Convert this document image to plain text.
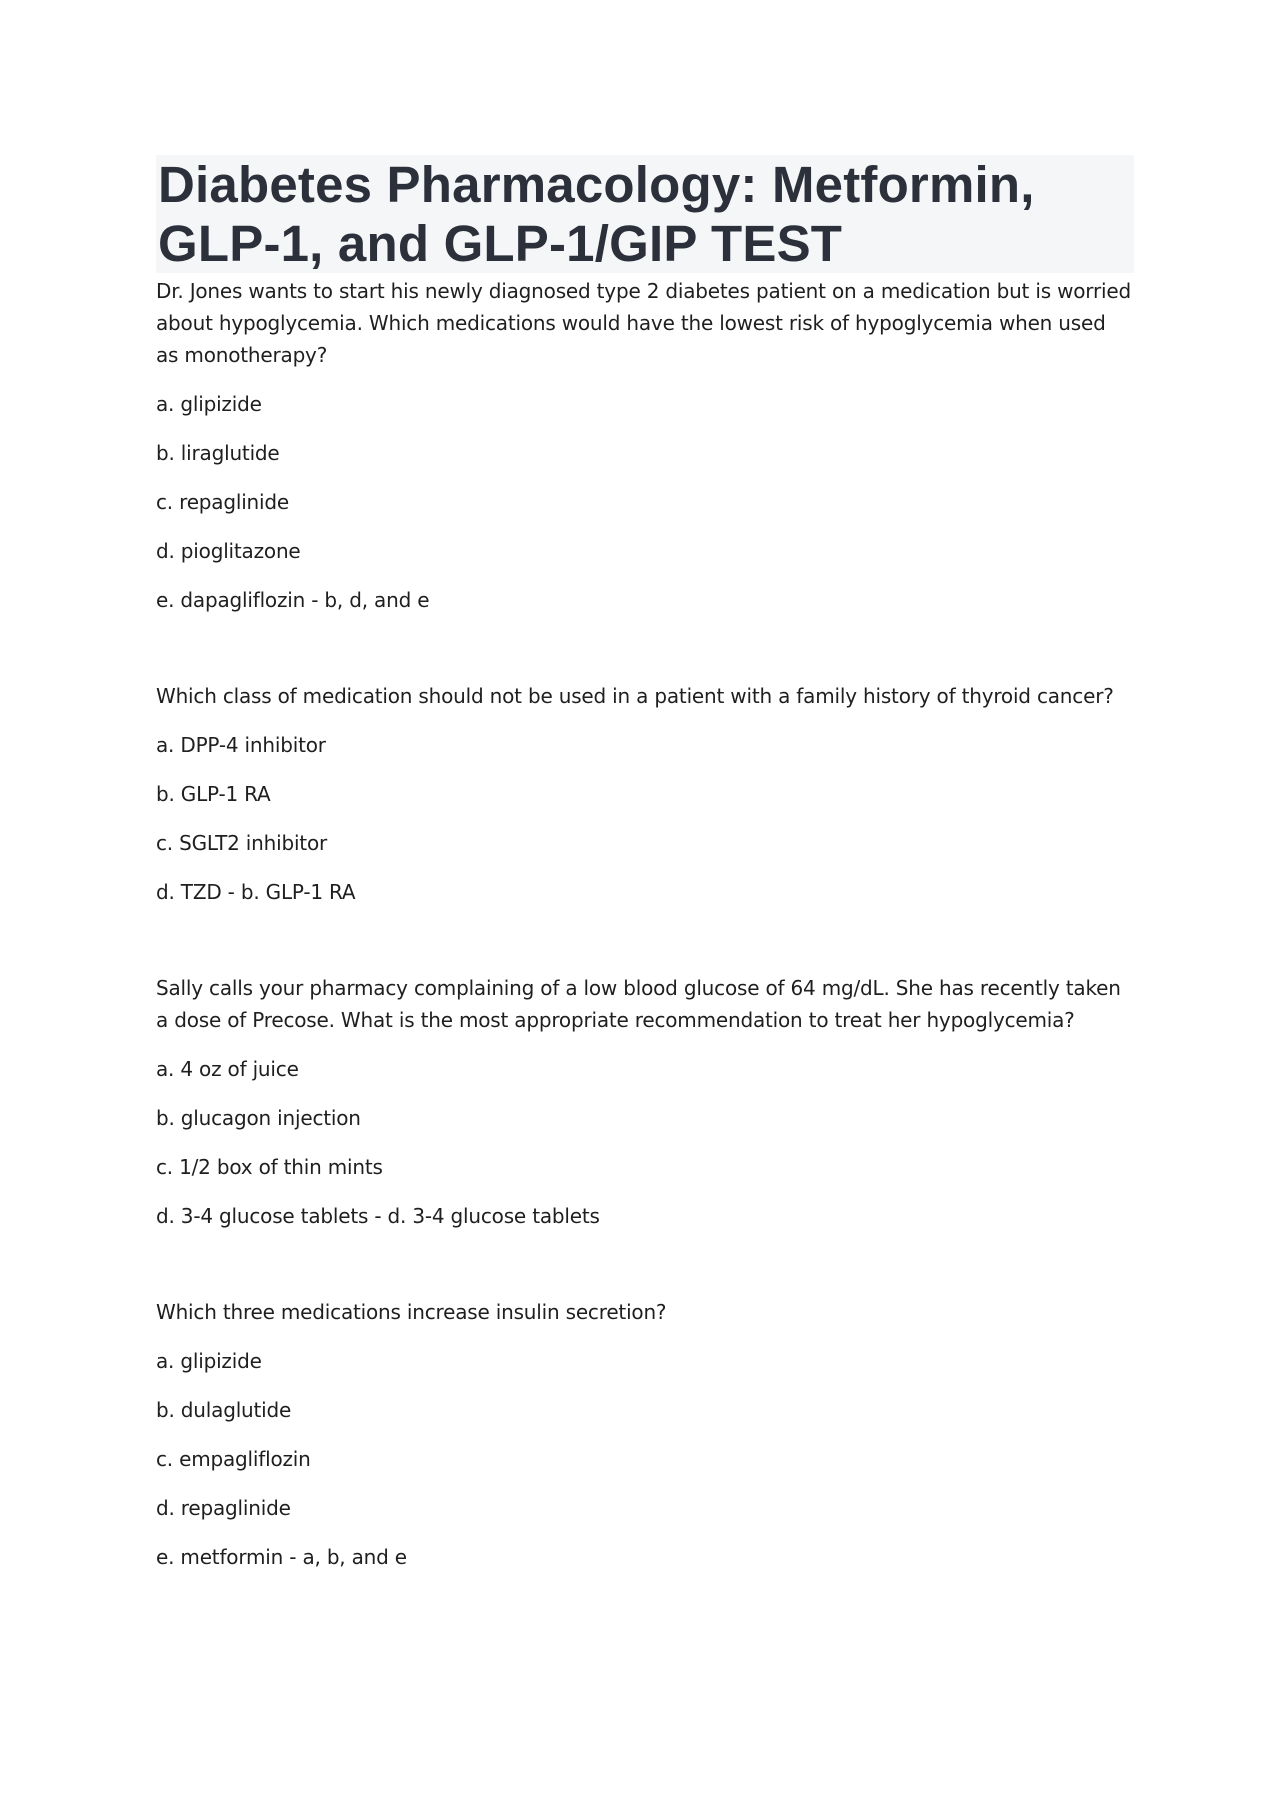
Diabetes Pharmacology: Metformin, GLP-1, and GLP-1/GIP TEST

Dr. Jones wants to start his newly diagnosed type 2 diabetes patient on a medication but is worried about hypoglycemia. Which medications would have the lowest risk of hypoglycemia when used as monotherapy?

a. glipizide

b. liraglutide

c. repaglinide

d. pioglitazone

e. dapagliflozin - b, d, and e

Which class of medication should not be used in a patient with a family history of thyroid cancer?

a. DPP-4 inhibitor

b. GLP-1 RA

c. SGLT2 inhibitor

d. TZD - b. GLP-1 RA

Sally calls your pharmacy complaining of a low blood glucose of 64 mg/dL. She has recently taken a dose of Precose. What is the most appropriate recommendation to treat her hypoglycemia?

a. 4 oz of juice

b. glucagon injection

c. 1/2 box of thin mints

d. 3-4 glucose tablets - d. 3-4 glucose tablets

Which three medications increase insulin secretion?

a. glipizide

b. dulaglutide

c. empagliflozin

d. repaglinide

e. metformin - a, b, and e
